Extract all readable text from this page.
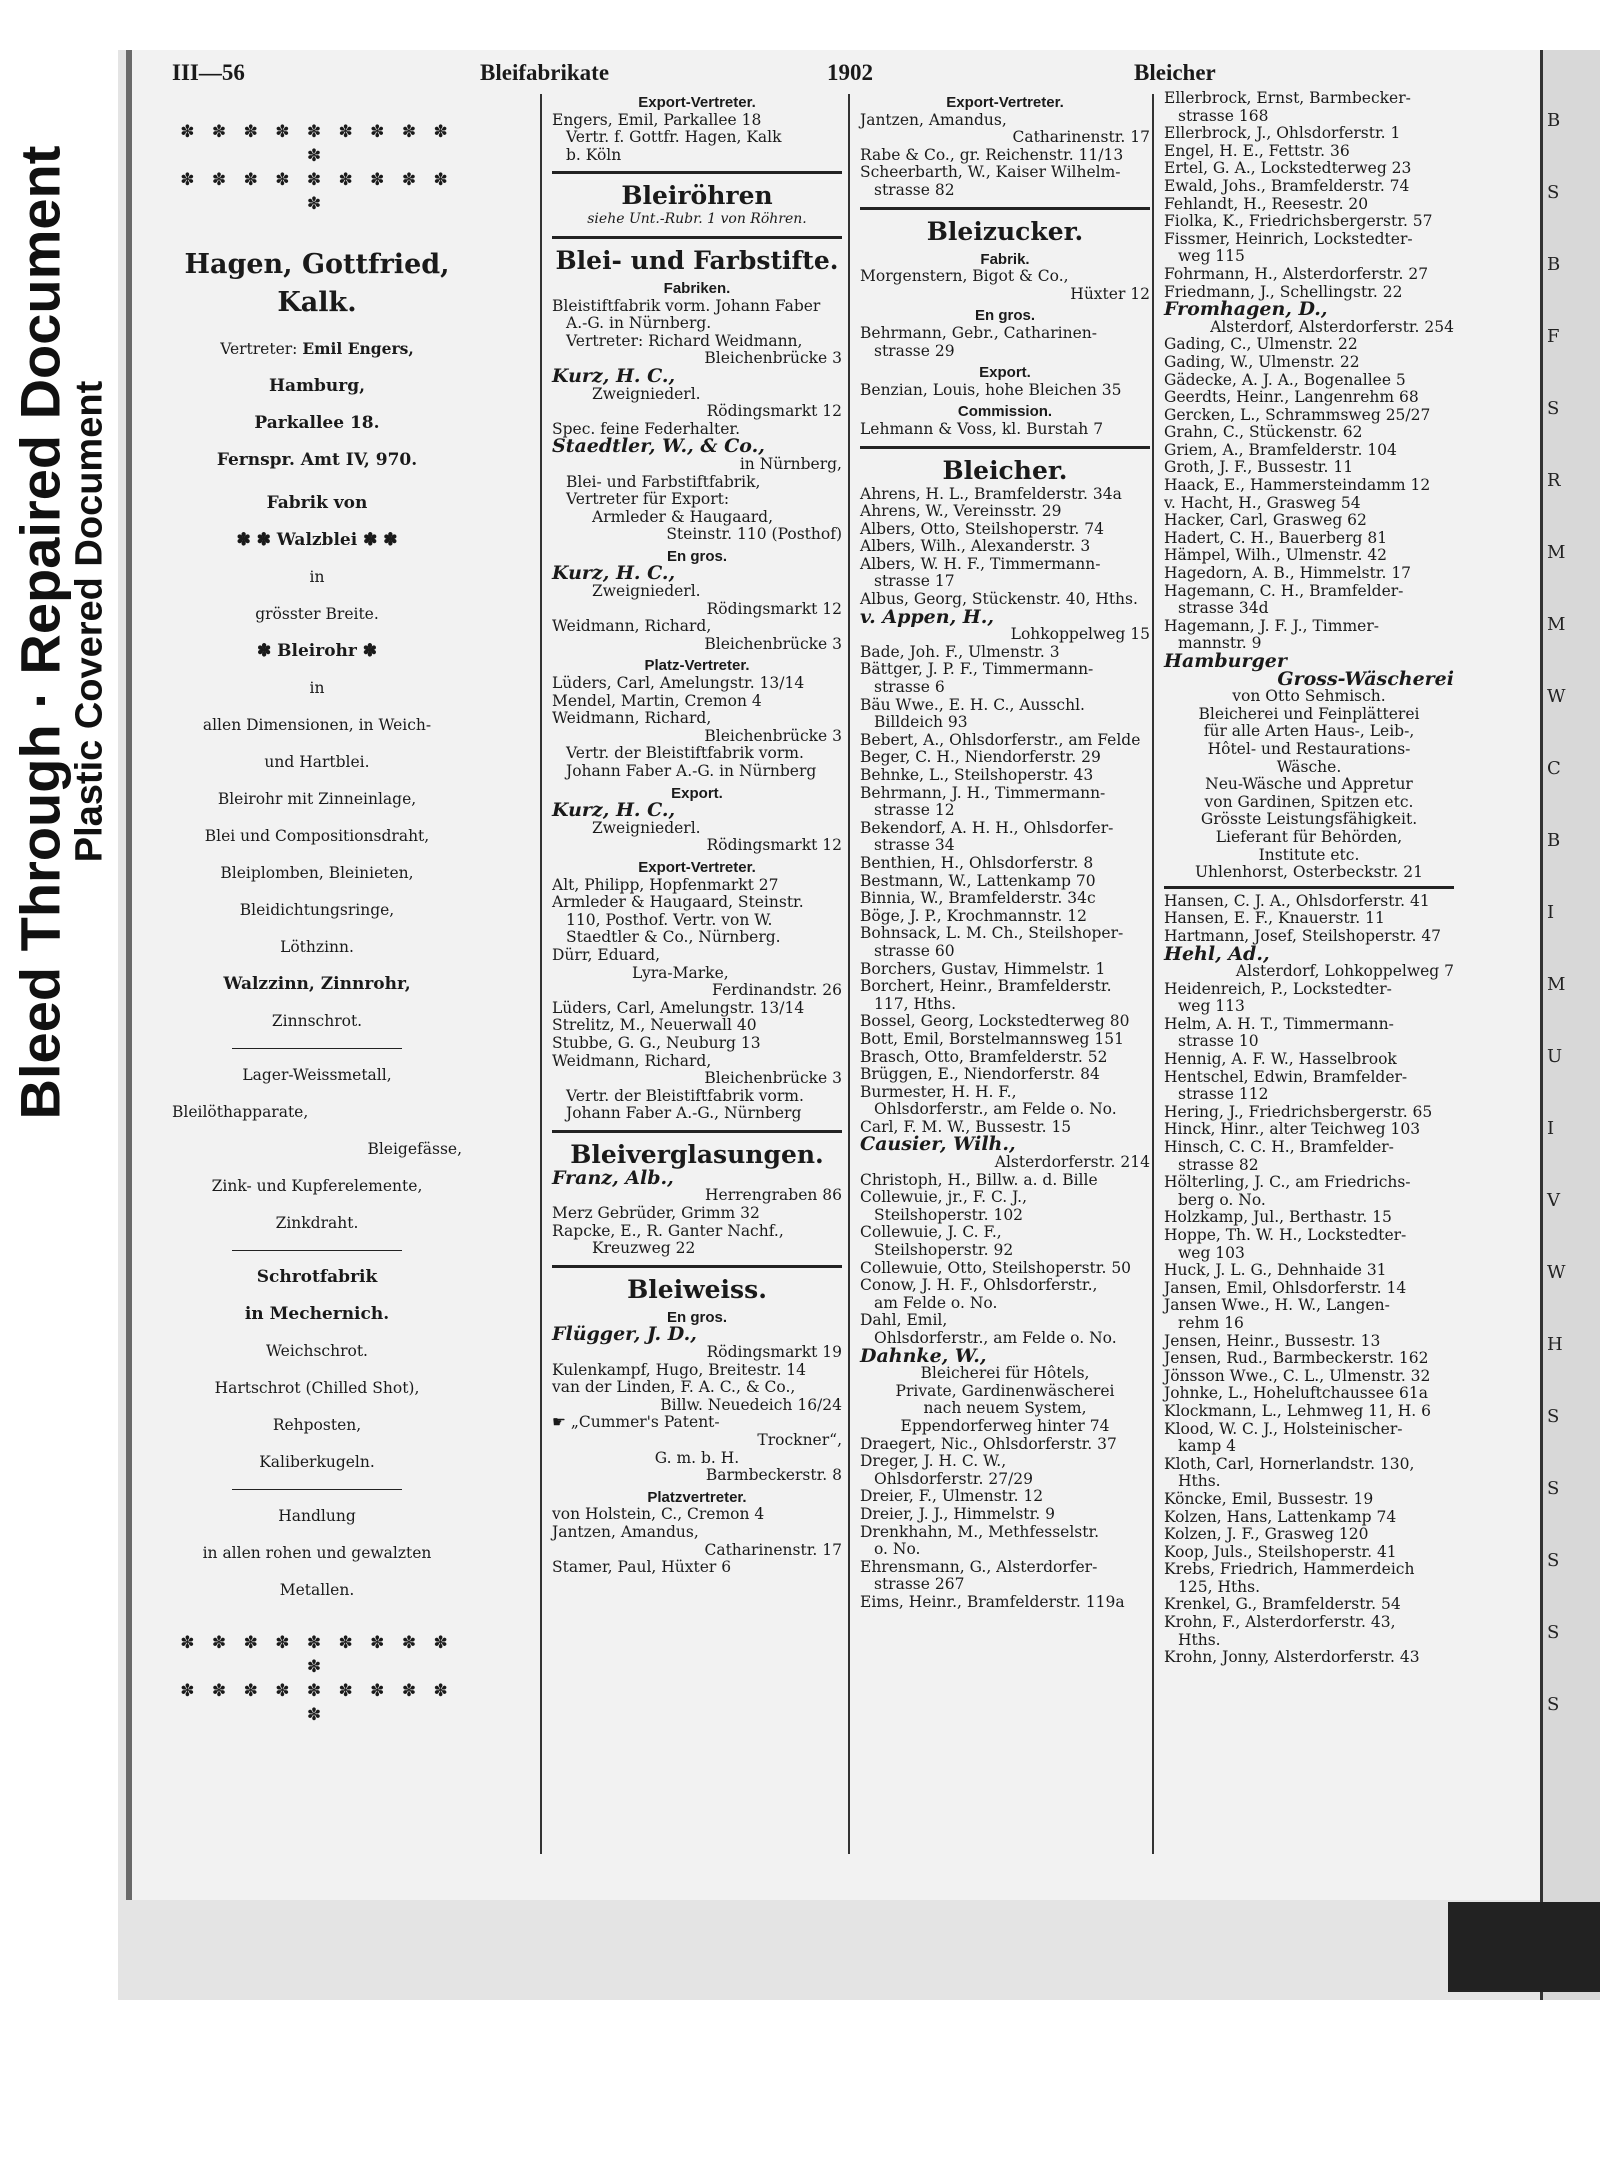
Bleed Through · Repaired Document
Plastic Covered Document
III—56	Bleifabrikate	1902	Bleicher

✽ ✽ ✽ ✽ ✽ ✽ ✽ ✽ ✽ ✽

✽ ✽ ✽ ✽ ✽ ✽ ✽ ✽ ✽ ✽

Hagen, Gottfried,

Kalk.

Vertreter: Emil Engers,

Hamburg,

Parkallee 18.

Fernspr. Amt IV, 970.

Fabrik von

✽ ✽ Walzblei ✽ ✽

in

grösster Breite.

✽ Bleirohr ✽

in

allen Dimensionen, in Weich-

und Hartblei.

Bleirohr mit Zinneinlage,

Blei und Compositionsdraht,

Bleiplomben, Bleinieten,

Bleidichtungsringe,

Löthzinn.

Walzzinn, Zinnrohr,

Zinnschrot.

Lager-Weissmetall,

Bleilöthapparate,

Bleigefässe,

Zink- und Kupferelemente,

Zinkdraht.

Schrotfabrik

in Mechernich.

Weichschrot.

Hartschrot (Chilled Shot),

Rehposten,

Kaliberkugeln.

Handlung

in allen rohen und gewalzten

Metallen.

✽ ✽ ✽ ✽ ✽ ✽ ✽ ✽ ✽ ✽

✽ ✽ ✽ ✽ ✽ ✽ ✽ ✽ ✽ ✽

Export-Vertreter.
Engers, Emil, Parkallee 18
Vertr. f. Gottfr. Hagen, Kalk
b. Köln
Bleiröhren
siehe Unt.-Rubr. 1 von Röhren.
Blei- und Farbstifte.
Fabriken.
Bleistiftfabrik vorm. Johann Faber
A.-G. in Nürnberg.
Vertreter: Richard Weidmann,
Bleichenbrücke 3
Kurz, H. C.,
Zweigniederl.
Rödingsmarkt 12
Spec. feine Federhalter.
Staedtler, W., & Co.,
in Nürnberg,
Blei- und Farbstiftfabrik,
Vertreter für Export:
Armleder & Haugaard,
Steinstr. 110 (Posthof)
En gros.
Kurz, H. C.,
Zweigniederl.
Rödingsmarkt 12
Weidmann, Richard,
Bleichenbrücke 3
Platz-Vertreter.
Lüders, Carl, Amelungstr. 13/14
Mendel, Martin, Cremon 4
Weidmann, Richard,
Bleichenbrücke 3
Vertr. der Bleistiftfabrik vorm.
Johann Faber A.-G. in Nürnberg
Export.
Kurz, H. C.,
Zweigniederl.
Rödingsmarkt 12
Export-Vertreter.
Alt, Philipp, Hopfenmarkt 27
Armleder & Haugaard, Steinstr.
110, Posthof. Vertr. von W.
Staedtler & Co., Nürnberg.
Dürr, Eduard,
Lyra-Marke,
Ferdinandstr. 26
Lüders, Carl, Amelungstr. 13/14
Strelitz, M., Neuerwall 40
Stubbe, G. G., Neuburg 13
Weidmann, Richard,
Bleichenbrücke 3
Vertr. der Bleistiftfabrik vorm.
Johann Faber A.-G., Nürnberg
Bleiverglasungen.
Franz, Alb.,
Herrengraben 86
Merz Gebrüder, Grimm 32
Rapcke, E., R. Ganter Nachf.,
Kreuzweg 22
Bleiweiss.
En gros.
Flügger, J. D.,
Rödingsmarkt 19
Kulenkampf, Hugo, Breitestr. 14
van der Linden, F. A. C., & Co.,
Billw. Neuedeich 16/24
☛ „Cummer's Patent-
Trockner“,
G. m. b. H.
Barmbeckerstr. 8
Platzvertreter.
von Holstein, C., Cremon 4
Jantzen, Amandus,
Catharinenstr. 17
Stamer, Paul, Hüxter 6
Export-Vertreter.
Jantzen, Amandus,
Catharinenstr. 17
Rabe & Co., gr. Reichenstr. 11/13
Scheerbarth, W., Kaiser Wilhelm-
strasse 82
Bleizucker.
Fabrik.
Morgenstern, Bigot & Co.,
Hüxter 12
En gros.
Behrmann, Gebr., Catharinen-
strasse 29
Export.
Benzian, Louis, hohe Bleichen 35
Commission.
Lehmann & Voss, kl. Burstah 7
Bleicher.
Ahrens, H. L., Bramfelderstr. 34a
Ahrens, W., Vereinsstr. 29
Albers, Otto, Steilshoperstr. 74
Albers, Wilh., Alexanderstr. 3
Albers, W. H. F., Timmermann-
strasse 17
Albus, Georg, Stückenstr. 40, Hths.
v. Appen, H.,
Lohkoppelweg 15
Bade, Joh. F., Ulmenstr. 3
Bättger, J. P. F., Timmermann-
strasse 6
Bäu Wwe., E. H. C., Ausschl.
Billdeich 93
Bebert, A., Ohlsdorferstr., am Felde
Beger, C. H., Niendorferstr. 29
Behnke, L., Steilshoperstr. 43
Behrmann, J. H., Timmermann-
strasse 12
Bekendorf, A. H. H., Ohlsdorfer-
strasse 34
Benthien, H., Ohlsdorferstr. 8
Bestmann, W., Lattenkamp 70
Binnia, W., Bramfelderstr. 34c
Böge, J. P., Krochmannstr. 12
Bohnsack, L. M. Ch., Steilshoper-
strasse 60
Borchers, Gustav, Himmelstr. 1
Borchert, Heinr., Bramfelderstr.
117, Hths.
Bossel, Georg, Lockstedterweg 80
Bott, Emil, Borstelmannsweg 151
Brasch, Otto, Bramfelderstr. 52
Brüggen, E., Niendorferstr. 84
Burmester, H. H. F.,
Ohlsdorferstr., am Felde o. No.
Carl, F. M. W., Bussestr. 15
Causier, Wilh.,
Alsterdorferstr. 214
Christoph, H., Billw. a. d. Bille
Collewuie, jr., F. C. J.,
Steilshoperstr. 102
Collewuie, J. C. F.,
Steilshoperstr. 92
Collewuie, Otto, Steilshoperstr. 50
Conow, J. H. F., Ohlsdorferstr.,
am Felde o. No.
Dahl, Emil,
Ohlsdorferstr., am Felde o. No.
Dahnke, W.,
Bleicherei für Hôtels,
Private, Gardinenwäscherei
nach neuem System,
Eppendorferweg hinter 74
Draegert, Nic., Ohlsdorferstr. 37
Dreger, J. H. C. W.,
Ohlsdorferstr. 27/29
Dreier, F., Ulmenstr. 12
Dreier, J. J., Himmelstr. 9
Drenkhahn, M., Methfesselstr.
o. No.
Ehrensmann, G., Alsterdorfer-
strasse 267
Eims, Heinr., Bramfelderstr. 119a
Ellerbrock, Ernst, Barmbecker-
strasse 168
Ellerbrock, J., Ohlsdorferstr. 1
Engel, H. E., Fettstr. 36
Ertel, G. A., Lockstedterweg 23
Ewald, Johs., Bramfelderstr. 74
Fehlandt, H., Reesestr. 20
Fiolka, K., Friedrichsbergerstr. 57
Fissmer, Heinrich, Lockstedter-
weg 115
Fohrmann, H., Alsterdorferstr. 27
Friedmann, J., Schellingstr. 22
Fromhagen, D.,
Alsterdorf, Alsterdorferstr. 254
Gading, C., Ulmenstr. 22
Gading, W., Ulmenstr. 22
Gädecke, A. J. A., Bogenallee 5
Geerdts, Heinr., Langenrehm 68
Gercken, L., Schrammsweg 25/27
Grahn, C., Stückenstr. 62
Griem, A., Bramfelderstr. 104
Groth, J. F., Bussestr. 11
Haack, E., Hammersteindamm 12
v. Hacht, H., Grasweg 54
Hacker, Carl, Grasweg 62
Hadert, C. H., Bauerberg 81
Hämpel, Wilh., Ulmenstr. 42
Hagedorn, A. B., Himmelstr. 17
Hagemann, C. H., Bramfelder-
strasse 34d
Hagemann, J. F. J., Timmer-
mannstr. 9
Hamburger
Gross-Wäscherei
von Otto Sehmisch.
Bleicherei und Feinplätterei
für alle Arten Haus-, Leib-,
Hôtel- und Restaurations-
Wäsche.
Neu-Wäsche und Appretur
von Gardinen, Spitzen etc.
Grösste Leistungsfähigkeit.
Lieferant für Behörden,
Institute etc.
Uhlenhorst, Osterbeckstr. 21
Hansen, C. J. A., Ohlsdorferstr. 41
Hansen, E. F., Knauerstr. 11
Hartmann, Josef, Steilshoperstr. 47
Hehl, Ad.,
Alsterdorf, Lohkoppelweg 7
Heidenreich, P., Lockstedter-
weg 113
Helm, A. H. T., Timmermann-
strasse 10
Hennig, A. F. W., Hasselbrook
Hentschel, Edwin, Bramfelder-
strasse 112
Hering, J., Friedrichsbergerstr. 65
Hinck, Hinr., alter Teichweg 103
Hinsch, C. C. H., Bramfelder-
strasse 82
Hölterling, J. C., am Friedrichs-
berg o. No.
Holzkamp, Jul., Berthastr. 15
Hoppe, Th. W. H., Lockstedter-
weg 103
Huck, J. L. G., Dehnhaide 31
Jansen, Emil, Ohlsdorferstr. 14
Jansen Wwe., H. W., Langen-
rehm 16
Jensen, Heinr., Bussestr. 13
Jensen, Rud., Barmbeckerstr. 162
Jönsson Wwe., C. L., Ulmenstr. 32
Johnke, L., Hoheluftchaussee 61a
Klockmann, L., Lehmweg 11, H. 6
Klood, W. C. J., Holsteinischer-
kamp 4
Kloth, Carl, Hornerlandstr. 130,
Hths.
Köncke, Emil, Bussestr. 19
Kolzen, Hans, Lattenkamp 74
Kolzen, J. F., Grasweg 120
Koop, Juls., Steilshoperstr. 41
Krebs, Friedrich, Hammerdeich
125, Hths.
Krenkel, G., Bramfelderstr. 54
Krohn, F., Alsterdorferstr. 43,
Hths.
Krohn, Jonny, Alsterdorferstr. 43
B
S
B
F
S
R
M
M
W
C
B
I
M
U
I
V
W
H
S
S
S
S
S
